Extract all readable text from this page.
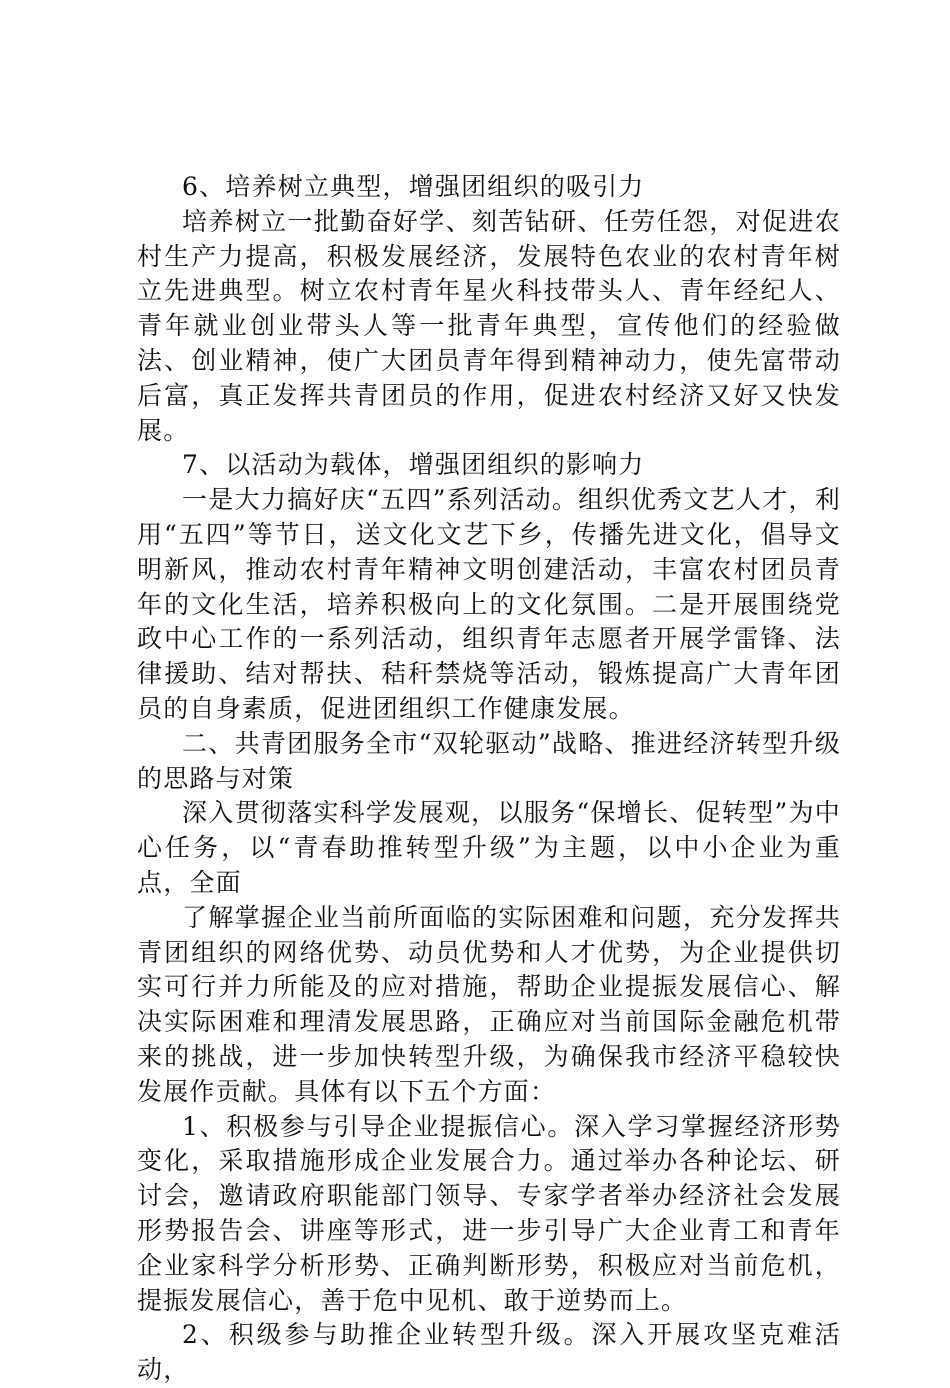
6、培养树立典型，增强团组织的吸引力

培养树立一批勤奋好学、刻苦钻研、任劳任怨，对促进农村生产力提高，积极发展经济，发展特色农业的农村青年树立先进典型。树立农村青年星火科技带头人、青年经纪人、青年就业创业带头人等一批青年典型，宣传他们的经验做法、创业精神，使广大团员青年得到精神动力，使先富带动后富，真正发挥共青团员的作用，促进农村经济又好又快发展。

7、以活动为载体，增强团组织的影响力

一是大力搞好庆“五四”系列活动。组织优秀文艺人才，利用“五四”等节日，送文化文艺下乡，传播先进文化，倡导文明新风，推动农村青年精神文明创建活动，丰富农村团员青年的文化生活，培养积极向上的文化氛围。二是开展围绕党政中心工作的一系列活动，组织青年志愿者开展学雷锋、法律援助、结对帮扶、秸秆禁烧等活动，锻炼提高广大青年团员的自身素质，促进团组织工作健康发展。

二、共青团服务全市“双轮驱动”战略、推进经济转型升级的思路与对策

深入贯彻落实科学发展观，以服务“保增长、促转型”为中心任务，以“青春助推转型升级”为主题，以中小企业为重点，全面

了解掌握企业当前所面临的实际困难和问题，充分发挥共青团组织的网络优势、动员优势和人才优势，为企业提供切实可行并力所能及的应对措施，帮助企业提振发展信心、解决实际困难和理清发展思路，正确应对当前国际金融危机带来的挑战，进一步加快转型升级，为确保我市经济平稳较快发展作贡献。具体有以下五个方面：

1、积极参与引导企业提振信心。深入学习掌握经济形势变化，采取措施形成企业发展合力。通过举办各种论坛、研讨会，邀请政府职能部门领导、专家学者举办经济社会发展形势报告会、讲座等形式，进一步引导广大企业青工和青年企业家科学分析形势、正确判断形势，积极应对当前危机，提振发展信心，善于危中见机、敢于逆势而上。

2、积级参与助推企业转型升级。深入开展攻坚克难活动，
